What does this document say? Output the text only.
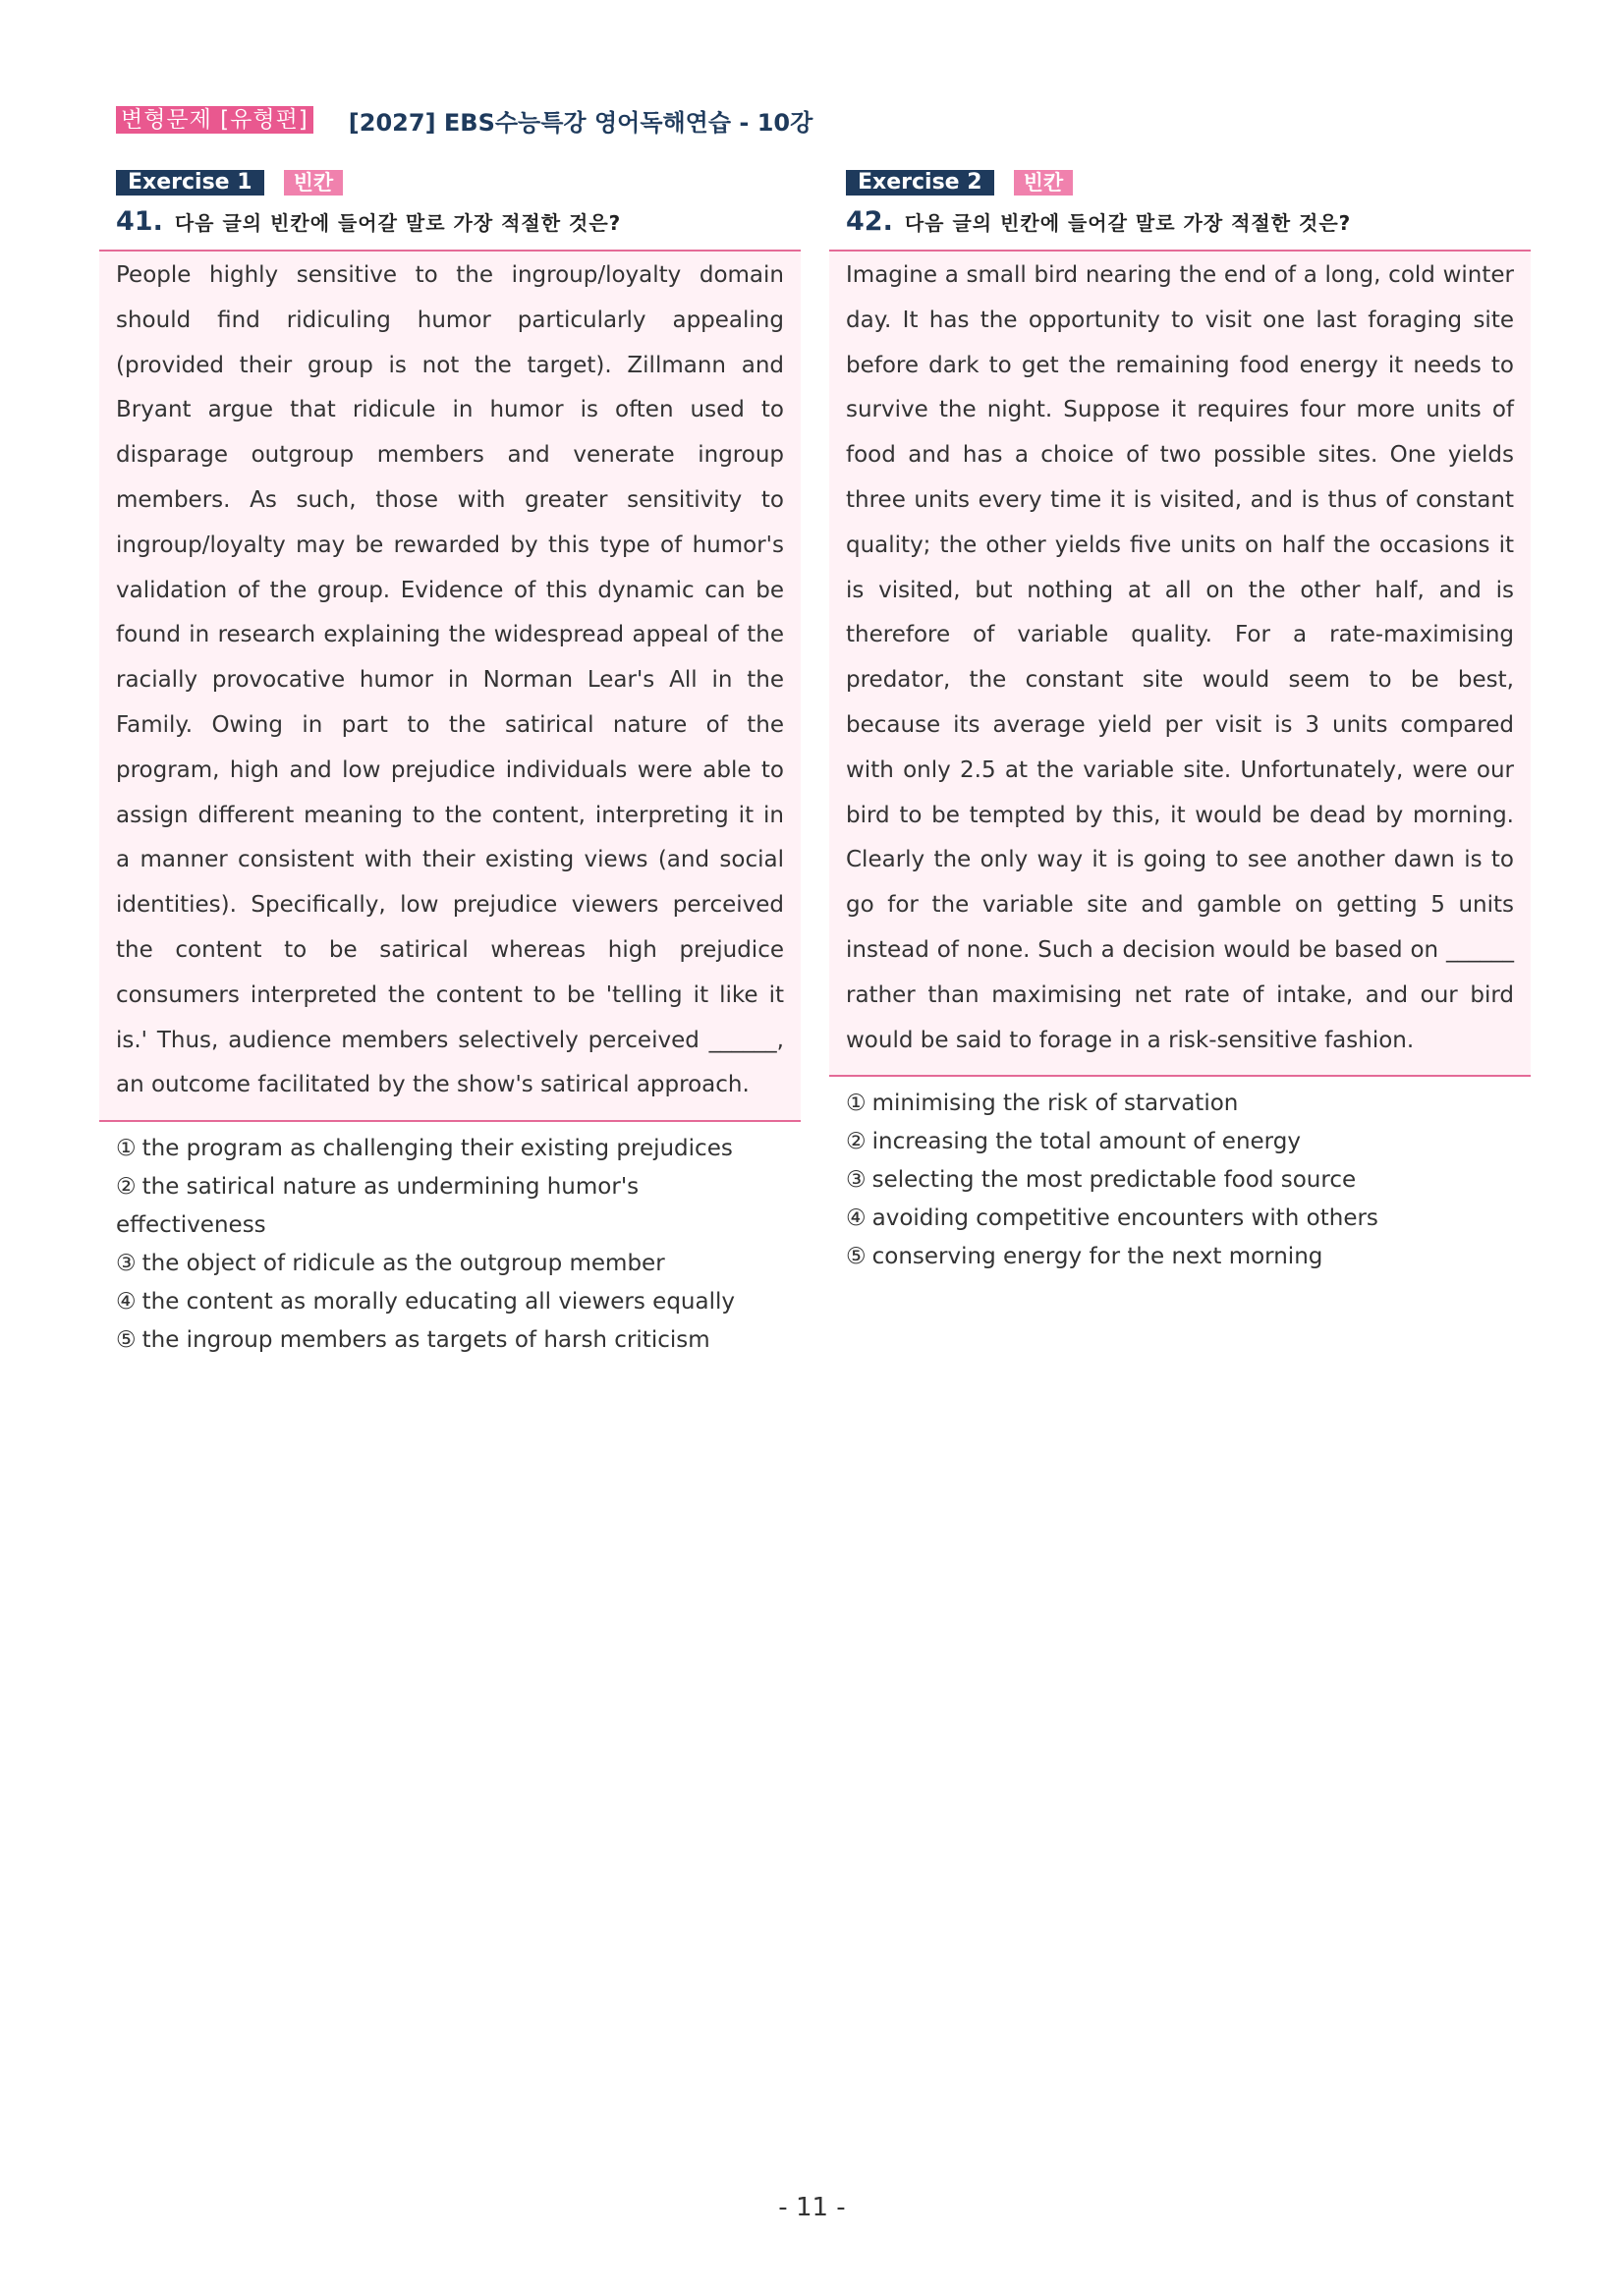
변형문제 [유형편] [2027] EBS수능특강 영어독해연습 - 10강
Exercise 1	빈칸
41. 다음 글의 빈칸에 들어갈 말로 가장 적절한 것은?

People highly sensitive to the ingroup/loyalty domain should find ridiculing humor particularly appealing (provided their group is not the target). Zillmann and Bryant argue that ridicule in humor is often used to disparage outgroup members and venerate ingroup members. As such, those with greater sensitivity to ingroup/loyalty may be rewarded by this type of humor's validation of the group. Evidence of this dynamic can be found in research explaining the widespread appeal of the racially provocative humor in Norman Lear's All in the Family. Owing in part to the satirical nature of the program, high and low prejudice individuals were able to assign different meaning to the content, interpreting it in a manner consistent with their existing views (and social identities). Specifically, low prejudice viewers perceived the content to be satirical whereas high prejudice consumers interpreted the content to be 'telling it like it is.' Thus, audience members selectively perceived ______, an outcome facilitated by the show's satirical approach.

① the program as challenging their existing prejudices
② the satirical nature as undermining humor's effectiveness
③ the object of ridicule as the outgroup member
④ the content as morally educating all viewers equally
⑤ the ingroup members as targets of harsh criticism
Exercise 2	빈칸
42. 다음 글의 빈칸에 들어갈 말로 가장 적절한 것은?

Imagine a small bird nearing the end of a long, cold winter day. It has the opportunity to visit one last foraging site before dark to get the remaining food energy it needs to survive the night. Suppose it requires four more units of food and has a choice of two possible sites. One yields three units every time it is visited, and is thus of constant quality; the other yields five units on half the occasions it is visited, but nothing at all on the other half, and is therefore of variable quality. For a rate-maximising predator, the constant site would seem to be best, because its average yield per visit is 3 units compared with only 2.5 at the variable site. Unfortunately, were our bird to be tempted by this, it would be dead by morning. Clearly the only way it is going to see another dawn is to go for the variable site and gamble on getting 5 units instead of none. Such a decision would be based on ______ rather than maximising net rate of intake, and our bird would be said to forage in a risk-sensitive fashion.

① minimising the risk of starvation
② increasing the total amount of energy
③ selecting the most predictable food source
④ avoiding competitive encounters with others
⑤ conserving energy for the next morning
- 11 -
